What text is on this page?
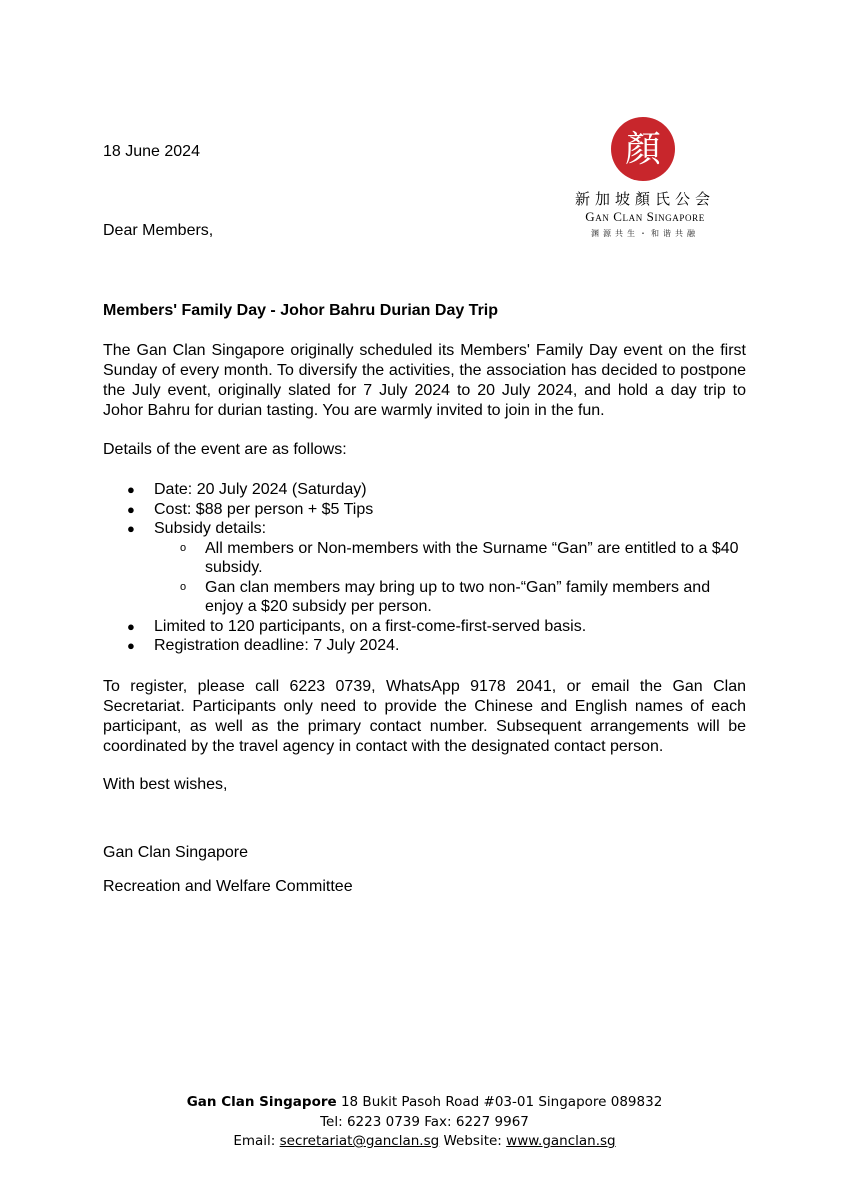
18 June 2024	顏
新加坡顏氏公会
Gan Clan Singapore
渊源共生・和谐共融
Dear Members,
Members' Family Day - Johor Bahru Durian Day Trip
The Gan Clan Singapore originally scheduled its Members' Family Day event on the first Sunday of every month. To diversify the activities, the association has decided to postpone the July event, originally slated for 7 July 2024 to 20 July 2024, and hold a day trip to Johor Bahru for durian tasting. You are warmly invited to join in the fun.
Details of the event are as follows:
● Date: 20 July 2024 (Saturday)
● Cost: $88 per person + $5 Tips
● Subsidy details:
o All members or Non-members with the Surname “Gan” are entitled to a $40 subsidy.
o Gan clan members may bring up to two non-“Gan” family members and enjoy a $20 subsidy per person.
● Limited to 120 participants, on a first-come-first-served basis.
● Registration deadline: 7 July 2024.
To register, please call 6223 0739, WhatsApp 9178 2041, or email the Gan Clan Secretariat. Participants only need to provide the Chinese and English names of each participant, as well as the primary contact number. Subsequent arrangements will be coordinated by the travel agency in contact with the designated contact person.
With best wishes,
Gan Clan Singapore
Recreation and Welfare Committee
Gan Clan Singapore 18 Bukit Pasoh Road #03-01 Singapore 089832
Tel: 6223 0739 Fax: 6227 9967
Email: secretariat@ganclan.sg Website: www.ganclan.sg
